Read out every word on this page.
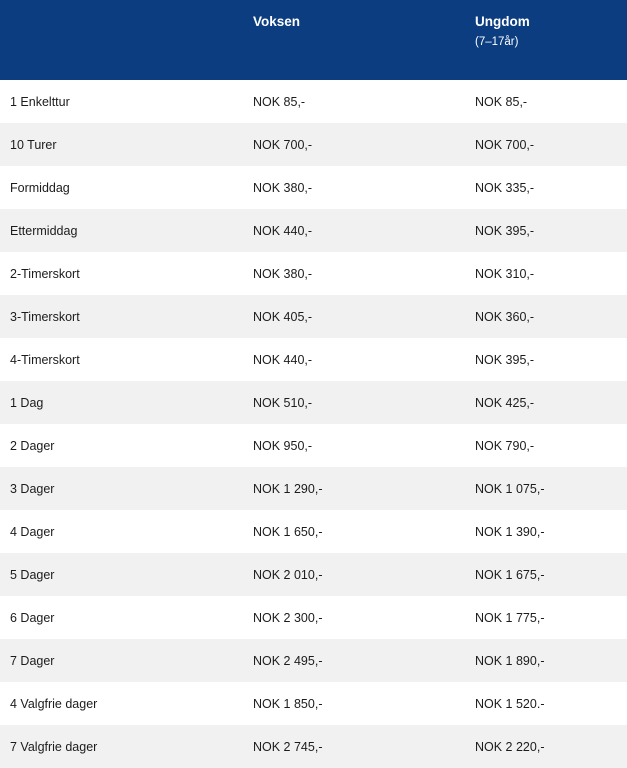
	Voksen	Ungdom
(7–17år)

1 Enkelttur	NOK 85,-	NOK 85,-
10 Turer	NOK 700,-	NOK 700,-
Formiddag	NOK 380,-	NOK 335,-
Ettermiddag	NOK 440,-	NOK 395,-
2-Timerskort	NOK 380,-	NOK 310,-
3-Timerskort	NOK 405,-	NOK 360,-
4-Timerskort	NOK 440,-	NOK 395,-
1 Dag	NOK 510,-	NOK 425,-
2 Dager	NOK 950,-	NOK 790,-
3 Dager	NOK 1 290,-	NOK 1 075,-
4 Dager	NOK 1 650,-	NOK 1 390,-
5 Dager	NOK 2 010,-	NOK 1 675,-
6 Dager	NOK 2 300,-	NOK 1 775,-
7 Dager	NOK 2 495,-	NOK 1 890,-
4 Valgfrie dager	NOK 1 850,-	NOK 1 520.-
7 Valgfrie dager	NOK 2 745,-	NOK 2 220,-
